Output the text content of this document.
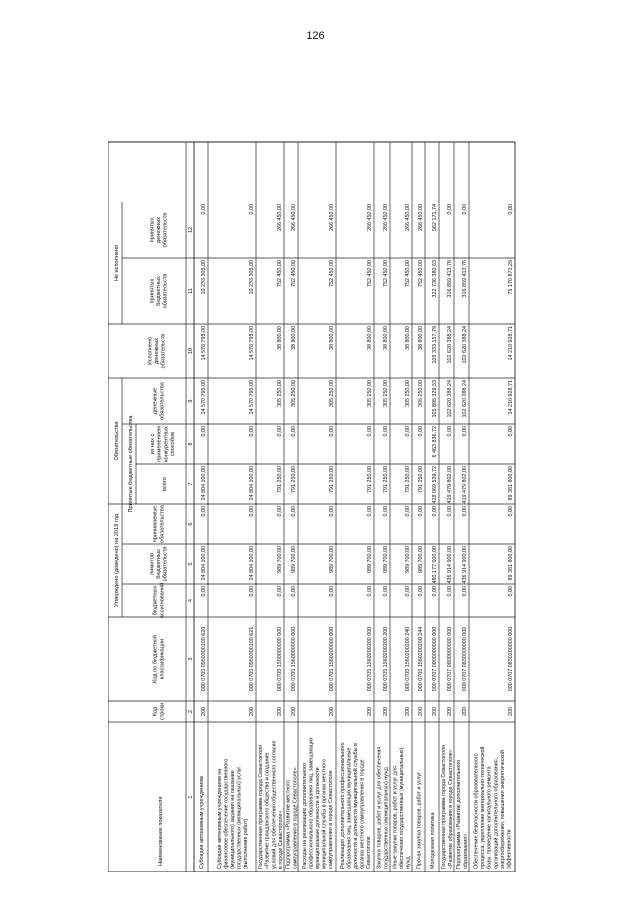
126
Утверждено (доведено) на 2019 год
Обязательства
Не исполнено
Принятые бюджетные обязательства
Наименование показателя
Код строки
Код по бюджетной классификации
бюджетных ассигнований
лимитов бюджетных обязательств
принимаемые обязательства
всего
из них с применением конкурентных способов
денежные обязательства
Исполнено денежных обязательств
принятых бюджетных обязательств
принятых денежных обязательств
1
2
3
4
5
6
7
8
9
10
11
12
Субсидии автономным учреждениям
200
000 0705 0950300100 620
0,00
24 804 100,00
0,00
24 804 100,00
0,00
14 570 795,00
14 570 795,00
10 233 305,00
0,00
Субсидии автономным учреждениям на финансовое обеспечение государственного (муниципального) задания на оказание государственных (муниципальных) услуг (выполнение работ)
200
000 0705 0950300100 621
0,00
24 804 100,00
0,00
24 804 100,00
0,00
14 570 795,00
14 570 795,00
10 233 305,00
0,00
Государственная программа города Севастополя «Развитие гражданского общества и создание условий для обеспечения общественного согласия в городе Севастополе»
200
000 0705 1500000000 000
0,00
989 700,00
0,00
791 250,00
0,00
305 250,00
38 800,00
752 450,00
266 450,00
Подпрограмма «Развитие местного самоуправления в городе Севастополе»
200
000 0705 1560000000 000
0,00
989 700,00
0,00
791 250,00
0,00
305 250,00
38 800,00
752 450,00
266 450,00
Расходы на реализацию дополнительного профессионального образования лиц, замещающих муниципальные должности и должности муниципальной службы в органах местного самоуправления в городе Севастополе
200
000 0705 1560200000 000
0,00
989 700,00
0,00
791 250,00
0,00
305 250,00
38 800,00
752 450,00
266 450,00
Реализация дополнительного профессионального образования лиц, замещающих муниципальные должности и должности муниципальной службы в органах местного самоуправления в городе Севастополе
200
000 0705 1560200200 000
0,00
989 700,00
0,00
791 250,00
0,00
305 250,00
38 800,00
752 450,00
266 450,00
Закупка товаров, работ и услуг для обеспечения государственных (муниципальных) нужд
200
000 0705 1560200200 200
0,00
989 700,00
0,00
791 250,00
0,00
305 250,00
38 800,00
752 450,00
266 450,00
Иные закупки товаров, работ и услуг для обеспечения государственных (муниципальных) нужд
200
000 0705 1560200200 240
0,00
989 700,00
0,00
791 250,00
0,00
305 250,00
38 800,00
752 450,00
266 450,00
Прочая закупка товаров, работ и услуг
200
000 0705 1560200200 244
0,00
989 700,00
0,00
791 250,00
0,00
305 250,00
38 800,00
752 450,00
266 450,00
Молодежная политика
200
000 0707 0000000000 000
0,00
480 177 000,00
0,00
428 069 539,72
6 463 836,72
105 895 329,53
105 333 157,79
322 736 380,63
562 171,74
Государственная программа города Севастополя «Развитие образования в городе Севастополе»
200
000 0707 0800000000 000
0,00
436 914 900,00
0,00
419 479 802,00
0,00
102 620 388,24
102 620 388,24
316 859 413,76
0,00
Подпрограмма «Развитие дополнительного образования»
200
000 0707 0830000000 000
0,00
436 914 900,00
0,00
419 479 802,00
0,00
102 620 388,24
102 620 388,24
316 859 413,76
0,00
Обеспечение безопасности образовательного процесса, укрепление материально-технической базы, проведение капитального ремонта организаций дополнительного образования, энергосбережения, повышения энергетической эффективности
200
000 0707 0830200000 000
0,00
89 381 800,00
0,00
89 381 800,00
0,00
14 210 928,71
14 210 928,71
75 170 871,29
0,00
